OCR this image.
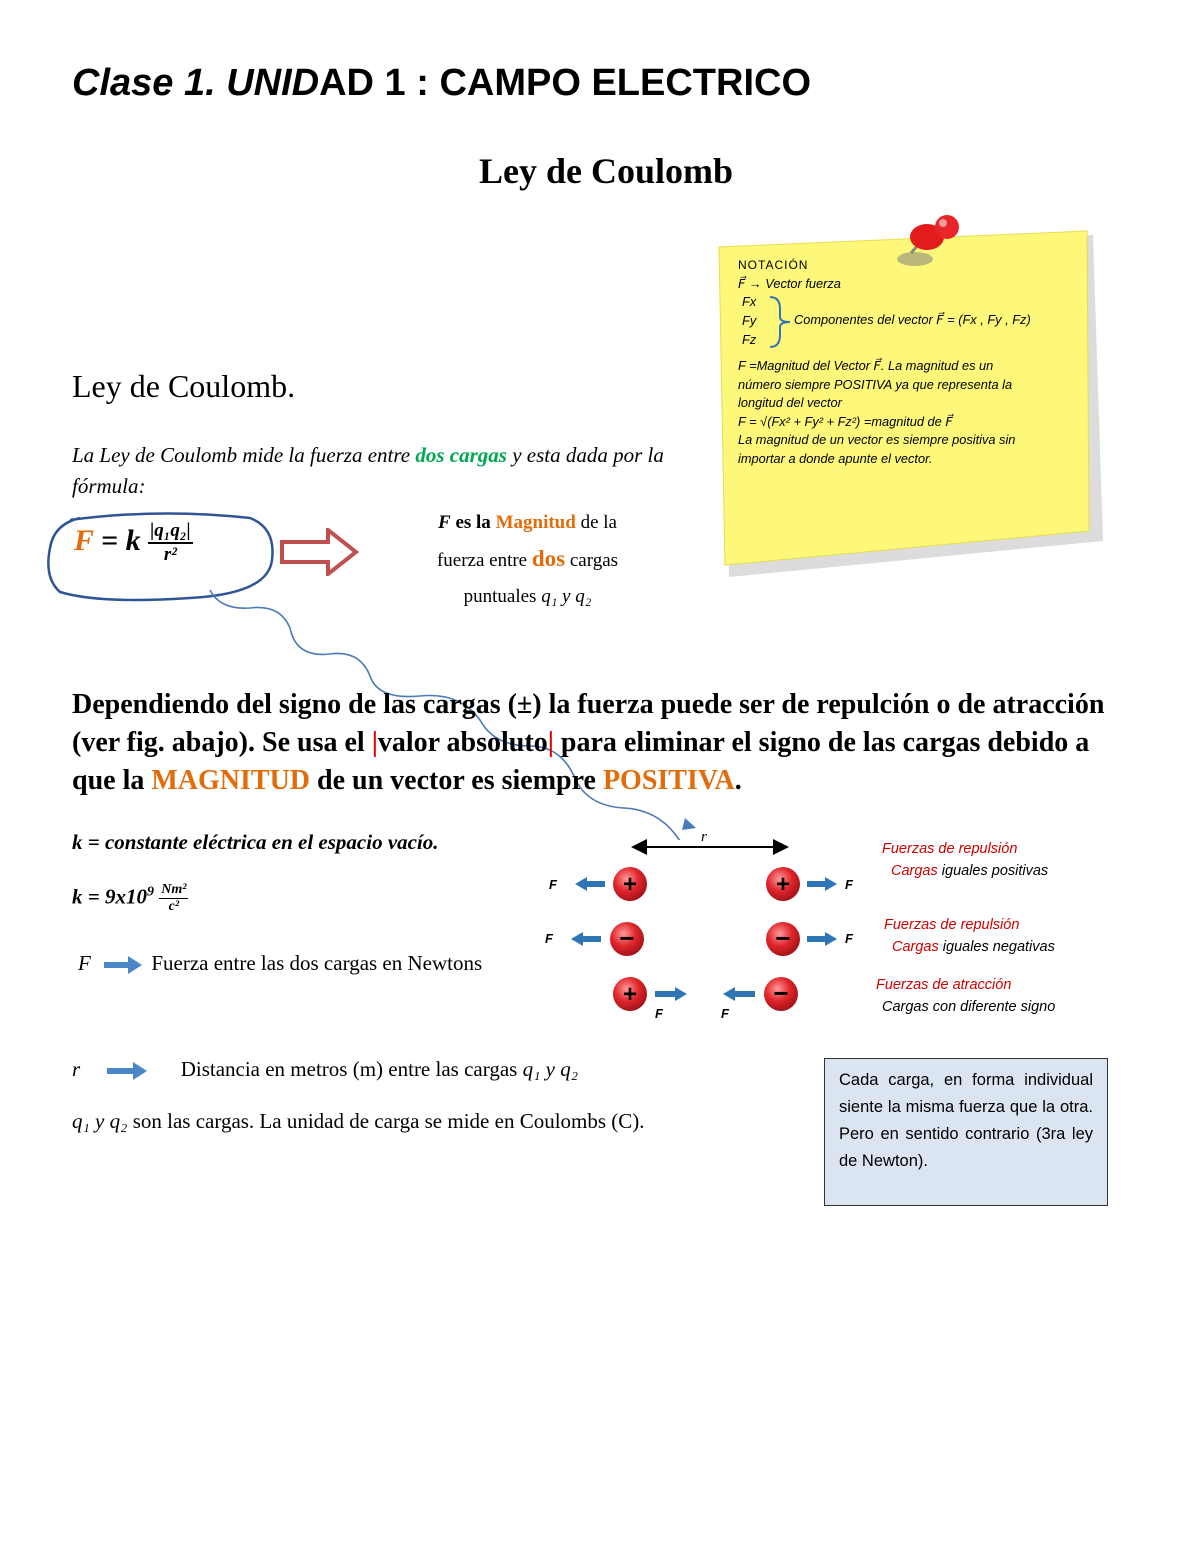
Clase 1. UNIDAD 1 : CAMPO ELECTRICO
Ley de Coulomb
NOTACIÓN
F⃗ → Vector fuerza
Fx
Fy
Fz
Componentes del vector F⃗ = (Fx , Fy , Fz)
F =Magnitud del Vector F⃗. La magnitud es un
número siempre POSITIVA ya que representa la
longitud del vector
F = √(Fx² + Fy² + Fz²) =magnitud de F⃗
La magnitud de un vector es siempre positiva sin
importar a donde apunte el vector.
Ley de Coulomb.
La Ley de Coulomb mide la fuerza entre dos cargas y esta dada por la fórmula:
F = k $\frac{\text{|q₁q₂|}}{\text{r²}}$	F es la Magnitud de la
fuerza entre dos cargas
puntuales q₁ y q₂
Dependiendo del signo de las cargas (±) la fuerza puede ser de repulción o de atracción (ver fig. abajo). Se usa el |valor absoluto| para eliminar el signo de las cargas debido a que la MAGNITUD de un vector es siempre POSITIVA.
k = constante eléctrica en el espacio vacío.
$k = 9x10^9 \frac{\text{Nm²}}{\text{c²}}$
F	Fuerza entre las dos cargas en Newtons
r	Distancia en metros (m) entre las cargas q₁ y q₂
q₁ y q₂ son las cargas. La unidad de carga se mide en Coulombs (C).
r
F	+	+	F
F	−	−	F
+
F	F
−
Fuerzas de repulsión
Cargas iguales positivas
Fuerzas de repulsión
Cargas iguales negativas
Fuerzas de atracción
Cargas con diferente signo
Cada carga, en forma individual siente la misma fuerza que la otra. Pero en sentido contrario (3ra ley de Newton).
